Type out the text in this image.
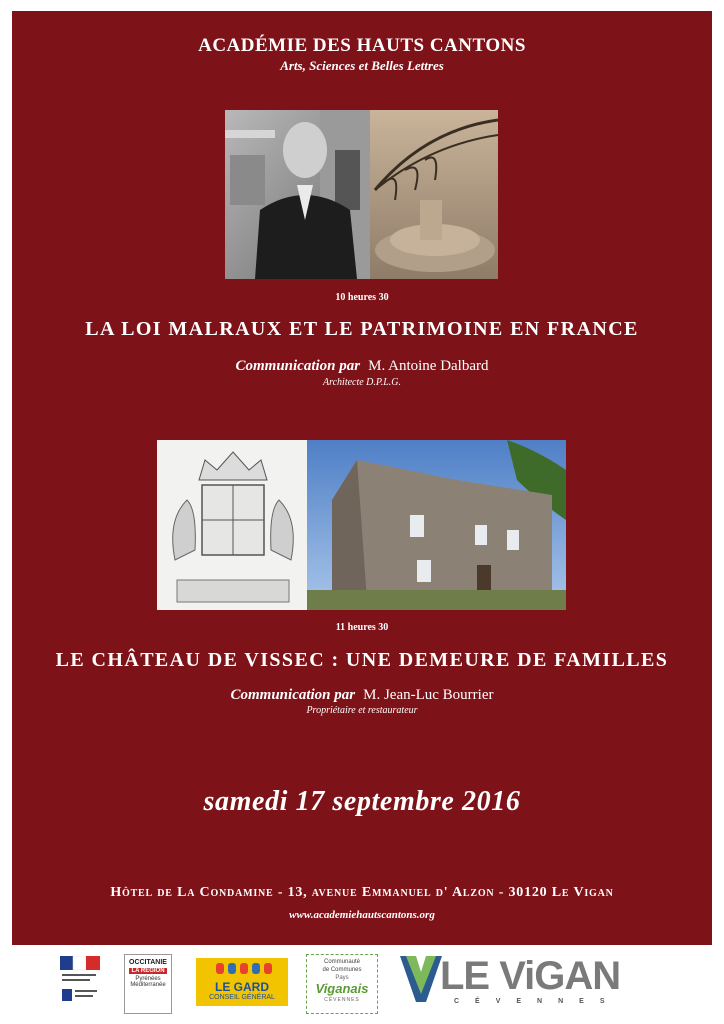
ACADÉMIE DES HAUTS CANTONS
Arts, Sciences et Belles Lettres
10 heures 30
LA LOI MALRAUX ET LE PATRIMOINE EN FRANCE
Communication par M. Antoine Dalbard
Architecte D.P.L.G.
11 heures 30
LE CHÂTEAU DE VISSEC : UNE DEMEURE DE FAMILLES
Communication par M. Jean-Luc Bourrier
Propriétaire et restaurateur
samedi 17 septembre 2016
Hôtel de La Condamine - 13, avenue Emmanuel d' Alzon - 30120 Le Vigan
www.academiehautscantons.org
OCCITANIE
LA RÉGION
Pyrénées
Méditerranée	LE GARD
CONSEIL GÉNÉRAL
Communauté
de Communes
Pays
Viganais
CÉVENNES
LE ViGAN
CÉVENNES
